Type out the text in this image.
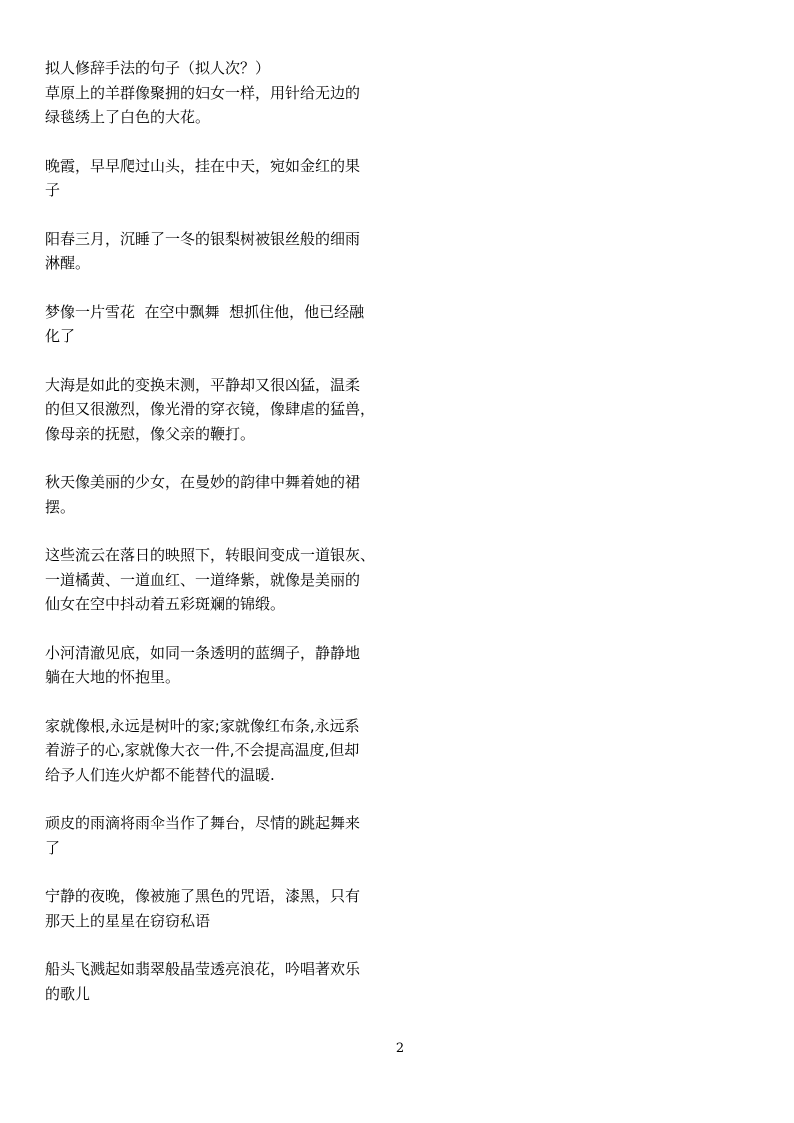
拟人修辞手法的句子（拟人次？）
草原上的羊群像聚拥的妇女一样，用针给无边的
绿毯绣上了白色的大花。
晚霞，早早爬过山头，挂在中天，宛如金红的果
子
阳春三月，沉睡了一冬的银梨树被银丝般的细雨
淋醒。
梦像一片雪花  在空中飘舞  想抓住他，他已经融
化了
大海是如此的变换末测，平静却又很凶猛，温柔
的但又很激烈，像光滑的穿衣镜，像肆虐的猛兽，
像母亲的抚慰，像父亲的鞭打。
秋天像美丽的少女，在曼妙的韵律中舞着她的裙
摆。
这些流云在落日的映照下，转眼间变成一道银灰、
一道橘黄、一道血红、一道绛紫，就像是美丽的
仙女在空中抖动着五彩斑斓的锦缎。
小河清澈见底，如同一条透明的蓝绸子，静静地
躺在大地的怀抱里。
家就像根,永远是树叶的家;家就像红布条,永远系
着游子的心,家就像大衣一件,不会提高温度,但却
给予人们连火炉都不能替代的温暖.
顽皮的雨滴将雨伞当作了舞台，尽情的跳起舞来
了
宁静的夜晚，像被施了黑色的咒语，漆黑，只有
那天上的星星在窃窃私语
船头飞溅起如翡翠般晶莹透亮浪花，吟唱著欢乐
的歌儿
2
